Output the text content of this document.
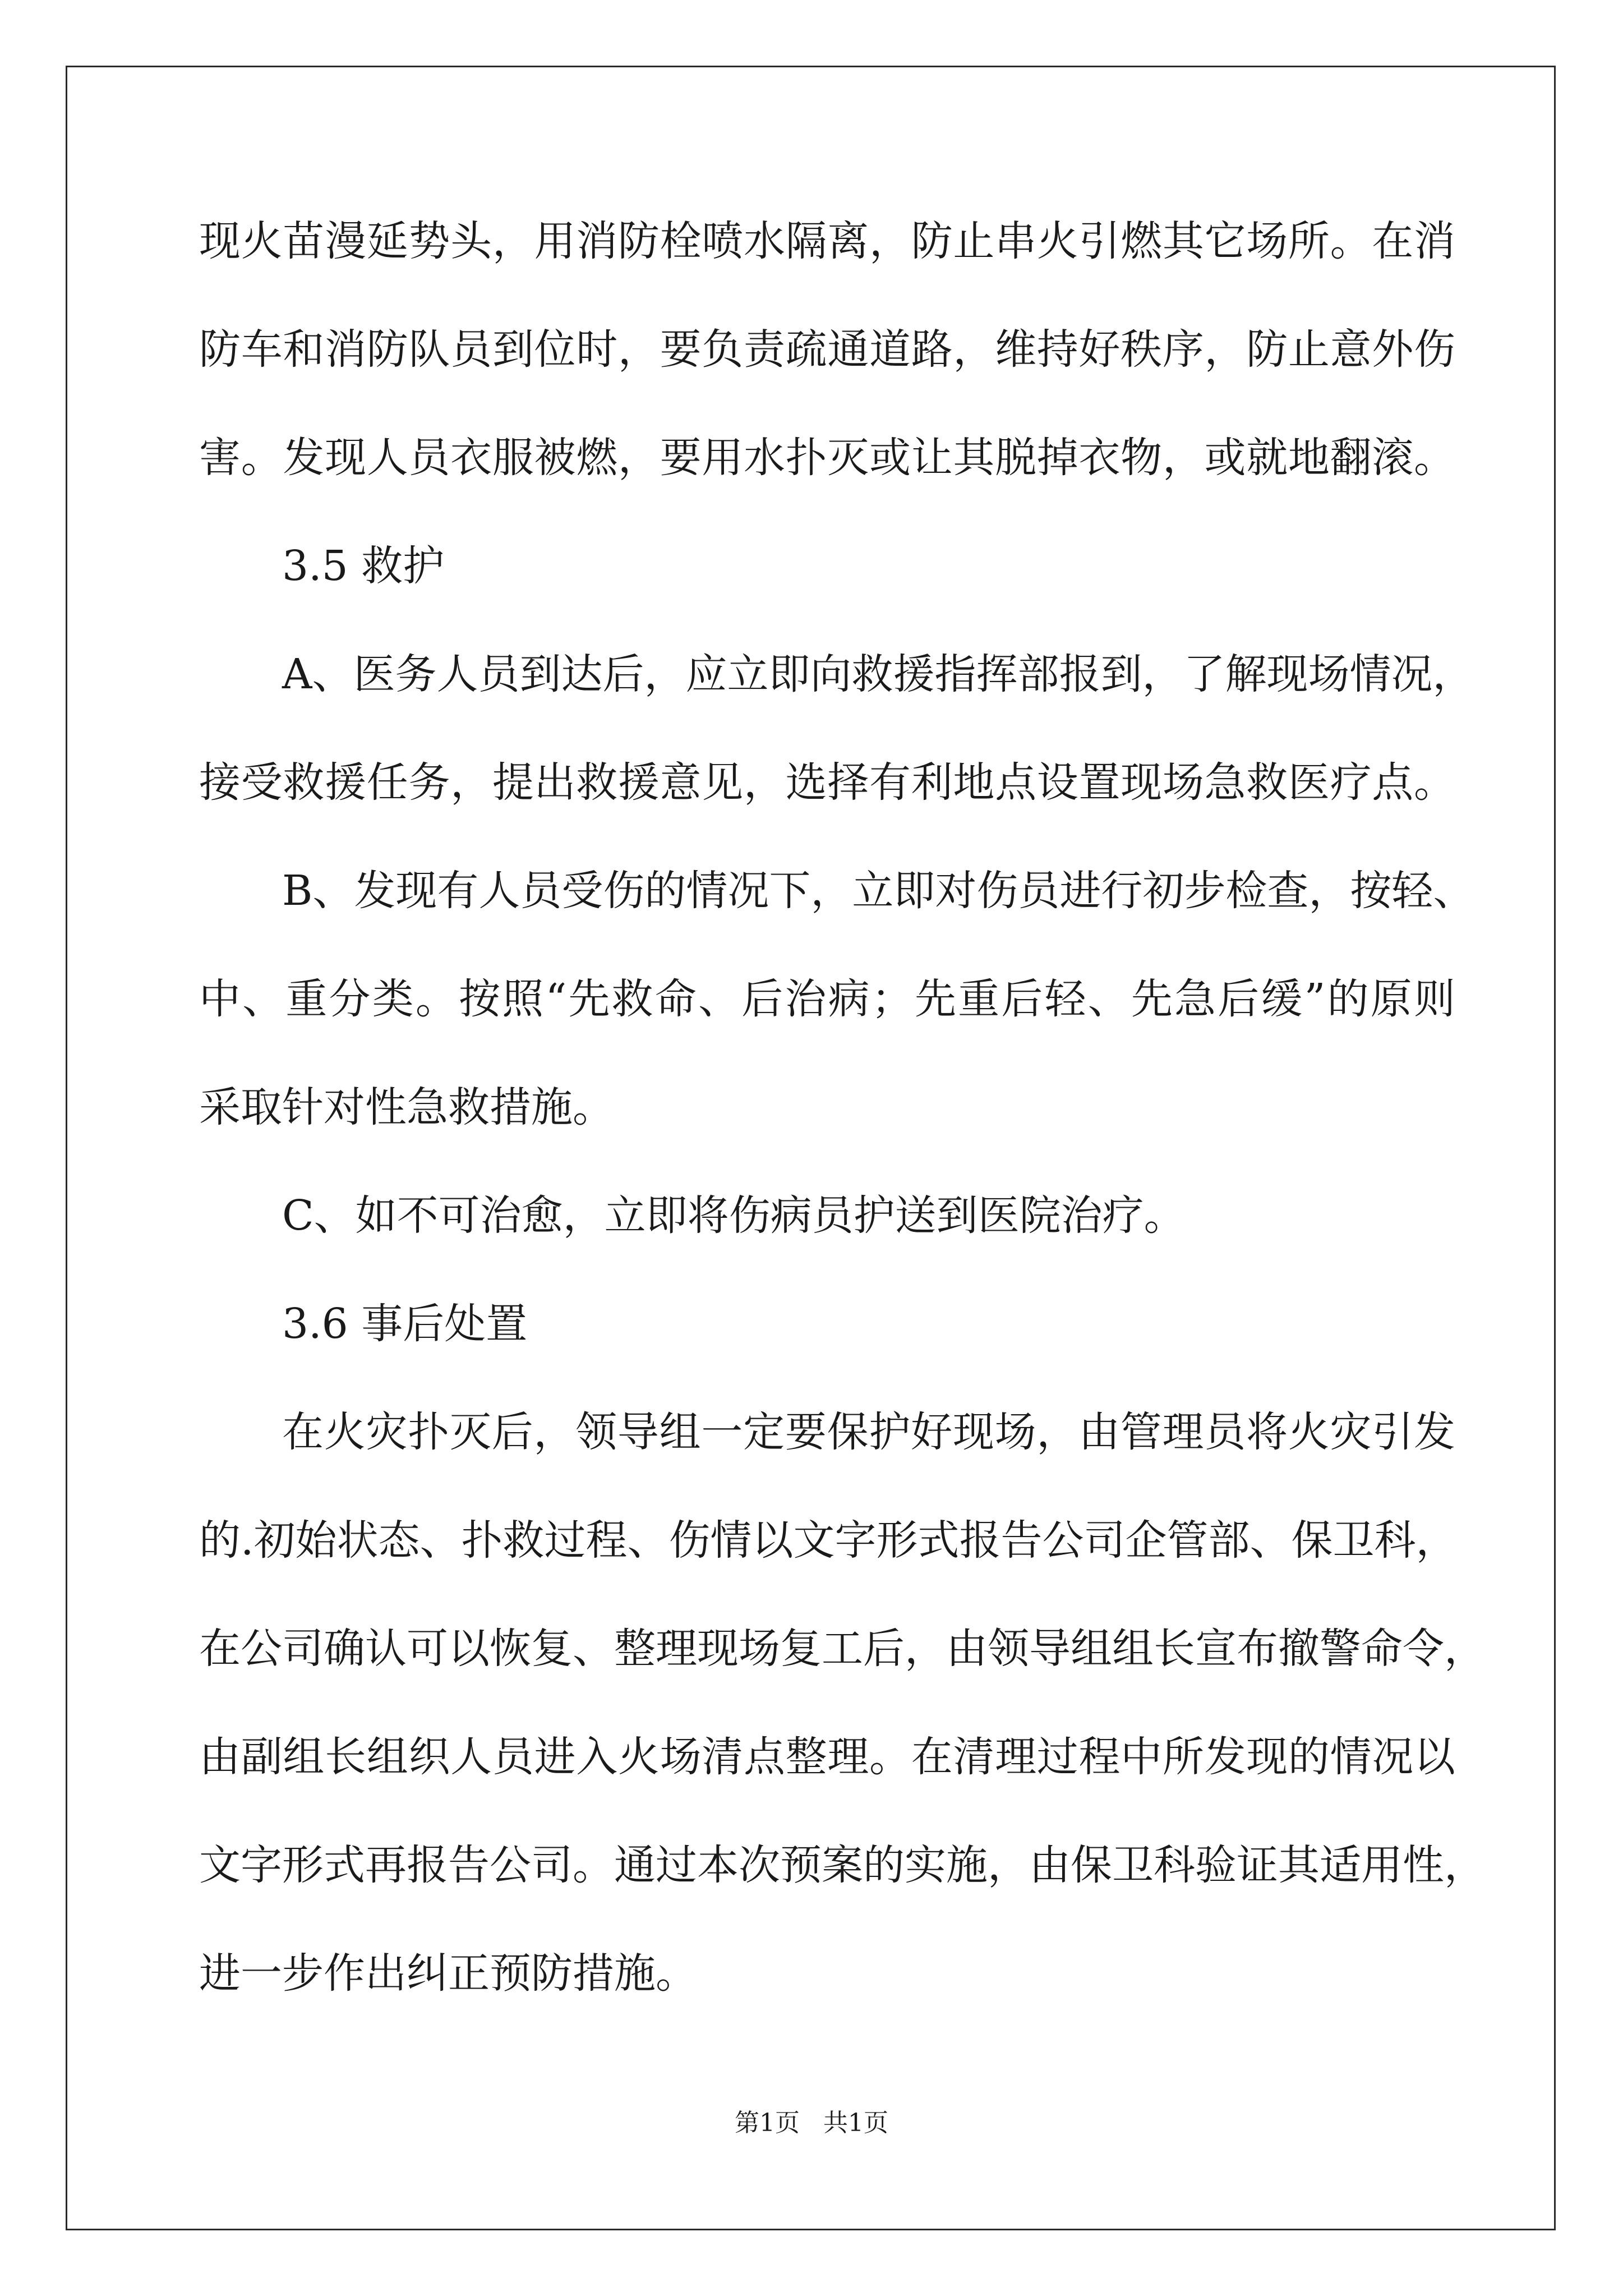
现火苗漫延势头，用消防栓喷水隔离，防止串火引燃其它场所。在消
防车和消防队员到位时，要负责疏通道路，维持好秩序，防止意外伤
害。发现人员衣服被燃，要用水扑灭或让其脱掉衣物，或就地翻滚。
3.5 救护
A、医务人员到达后，应立即向救援指挥部报到，了解现场情况，
接受救援任务，提出救援意见，选择有利地点设置现场急救医疗点。
B、发现有人员受伤的情况下，立即对伤员进行初步检查，按轻、
中、重分类。按照“先救命、后治病；先重后轻、先急后缓”的原则
采取针对性急救措施。
C、如不可治愈，立即将伤病员护送到医院治疗。
3.6 事后处置
在火灾扑灭后，领导组一定要保护好现场，由管理员将火灾引发
的.初始状态、扑救过程、伤情以文字形式报告公司企管部、保卫科，
在公司确认可以恢复、整理现场复工后，由领导组组长宣布撤警命令，
由副组长组织人员进入火场清点整理。在清理过程中所发现的情况以
文字形式再报告公司。通过本次预案的实施，由保卫科验证其适用性，
进一步作出纠正预防措施。
第1页 共1页
